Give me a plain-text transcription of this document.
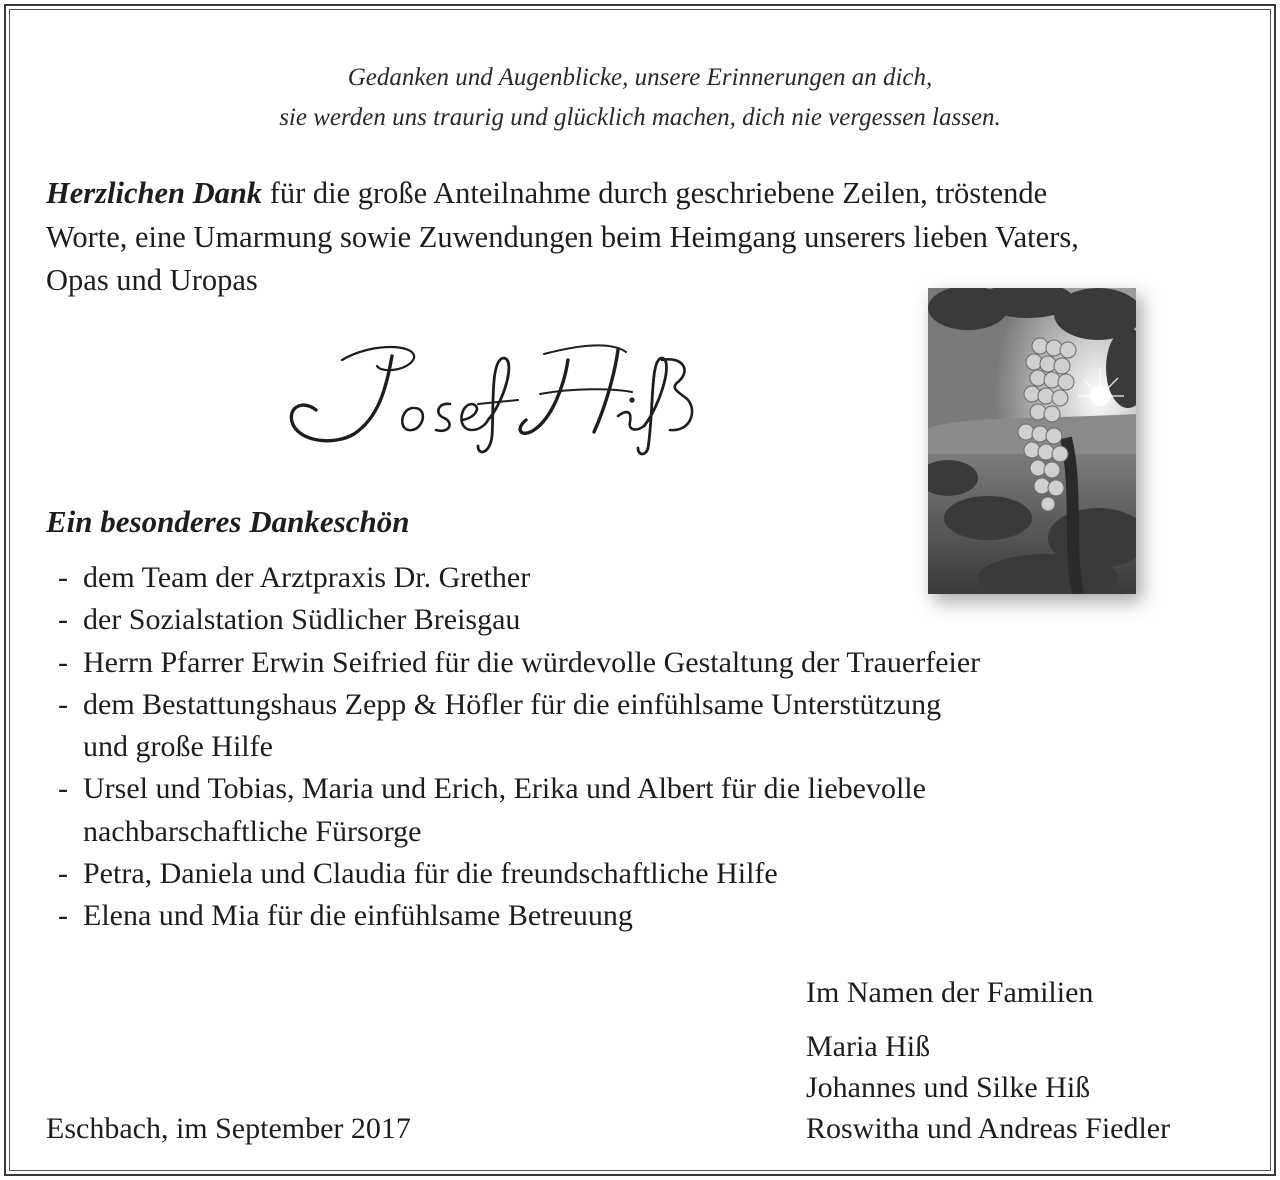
Gedanken und Augenblicke, unsere Erinnerungen an dich,
sie werden uns traurig und glücklich machen, dich nie vergessen lassen.
Herzlichen Dank für die große Anteilnahme durch geschriebene Zeilen, tröstende
Worte, eine Umarmung sowie Zuwendungen beim Heimgang unserers lieben Vaters,
Opas und Uropas
Ein besonderes Dankeschön
- dem Team der Arztpraxis Dr. Grether
- der Sozialstation Südlicher Breisgau
- Herrn Pfarrer Erwin Seifried für die würdevolle Gestaltung der Trauerfeier
- dem Bestattungshaus Zepp & Höfler für die einfühlsame Unterstützung
und große Hilfe
- Ursel und Tobias, Maria und Erich, Erika und Albert für die liebevolle
nachbarschaftliche Fürsorge
- Petra, Daniela und Claudia für die freundschaftliche Hilfe
- Elena und Mia für die einfühlsame Betreuung
Im Namen der Familien
Maria Hiß
Johannes und Silke Hiß
Roswitha und Andreas Fiedler
Eschbach, im September 2017
